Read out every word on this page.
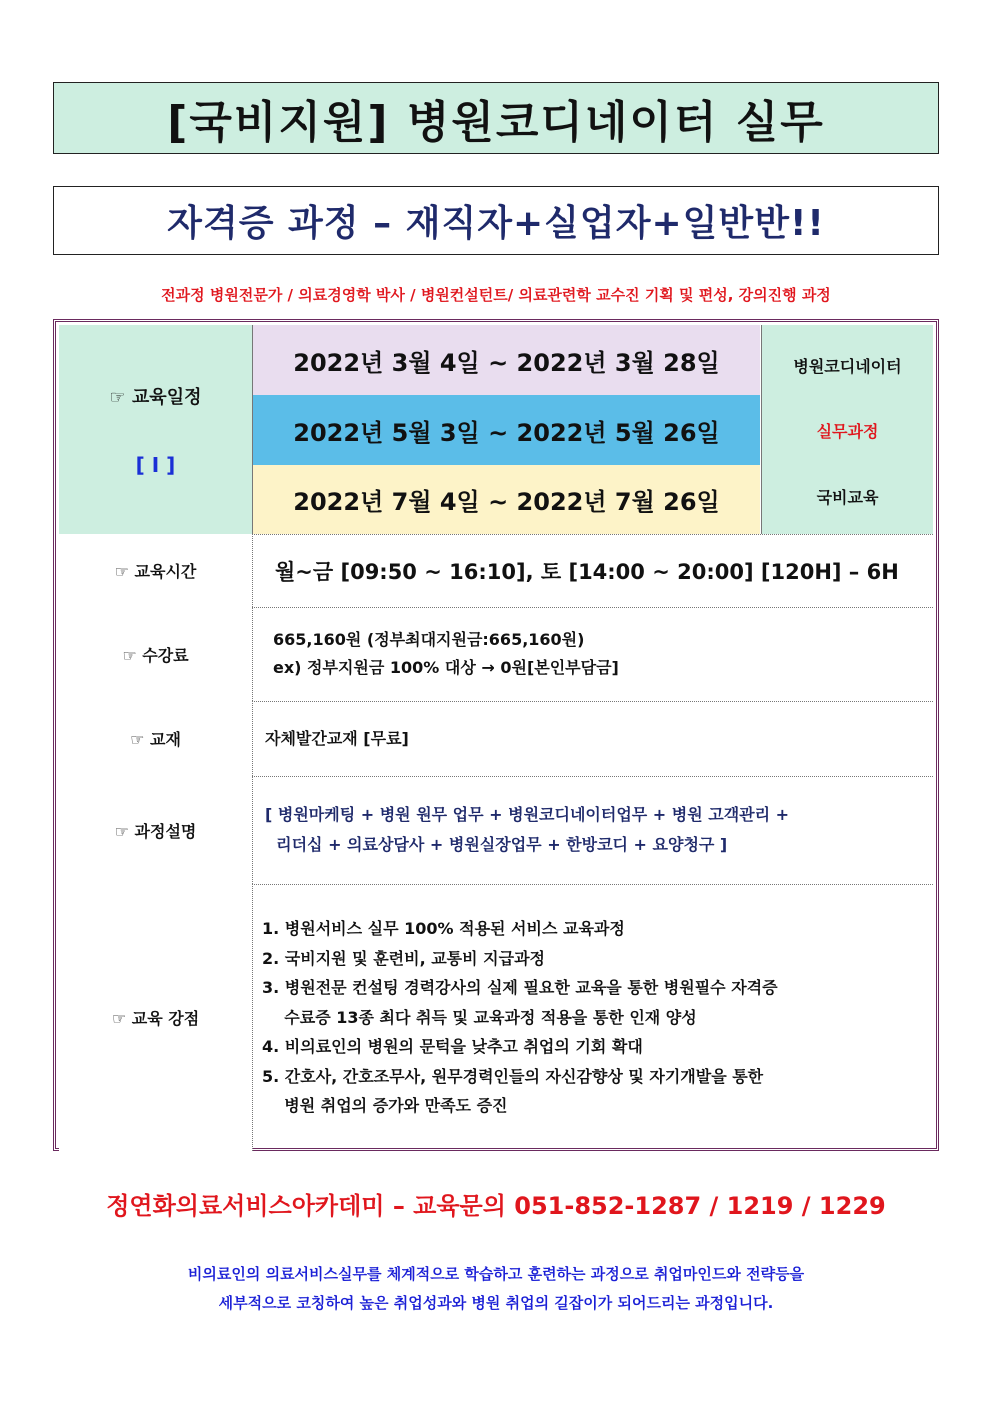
[국비지원] 병원코디네이터 실무
자격증 과정 – 재직자+실업자+일반반!!
전과정 병원전문가 / 의료경영학 박사 / 병원컨설턴트/ 의료관련학 교수진 기획 및 편성, 강의진행 과정
☞ 교육일정
[ I ]
2022년 3월 4일 ~ 2022년 3월 28일
2022년 5월 3일 ~ 2022년 5월 26일
2022년 7월 4일 ~ 2022년 7월 26일
병원코디네이터
실무과정
국비교육
☞ 교육시간	월~금 [09:50 ~ 16:10], 토 [14:00 ~ 20:00] [120H] – 6H
☞ 수강료
665,160원 (정부최대지원금:665,160원)
ex) 정부지원금 100% 대상 → 0원[본인부담금]
☞ 교재	자체발간교재 [무료]
☞ 과정설명
[ 병원마케팅 + 병원 원무 업무 + 병원코디네이터업무 + 병원 고객관리 +
리더십 + 의료상담사 + 병원실장업무 + 한방코디 + 요양청구 ]
☞ 교육 강점
1. 병원서비스 실무 100% 적용된 서비스 교육과정
2. 국비지원 및 훈련비, 교통비 지급과정
3. 병원전문 컨설팅 경력강사의 실제 필요한 교육을 통한 병원필수 자격증
수료증 13종 최다 취득 및 교육과정 적용을 통한 인재 양성
4. 비의료인의 병원의 문턱을 낮추고 취업의 기회 확대
5. 간호사, 간호조무사, 원무경력인들의 자신감향상 및 자기개발을 통한
병원 취업의 증가와 만족도 증진
정연화의료서비스아카데미 – 교육문의 051-852-1287 / 1219 / 1229
비의료인의 의료서비스실무를 체계적으로 학습하고 훈련하는 과정으로 취업마인드와 전략등을
세부적으로 코칭하여 높은 취업성과와 병원 취업의 길잡이가 되어드리는 과정입니다.
